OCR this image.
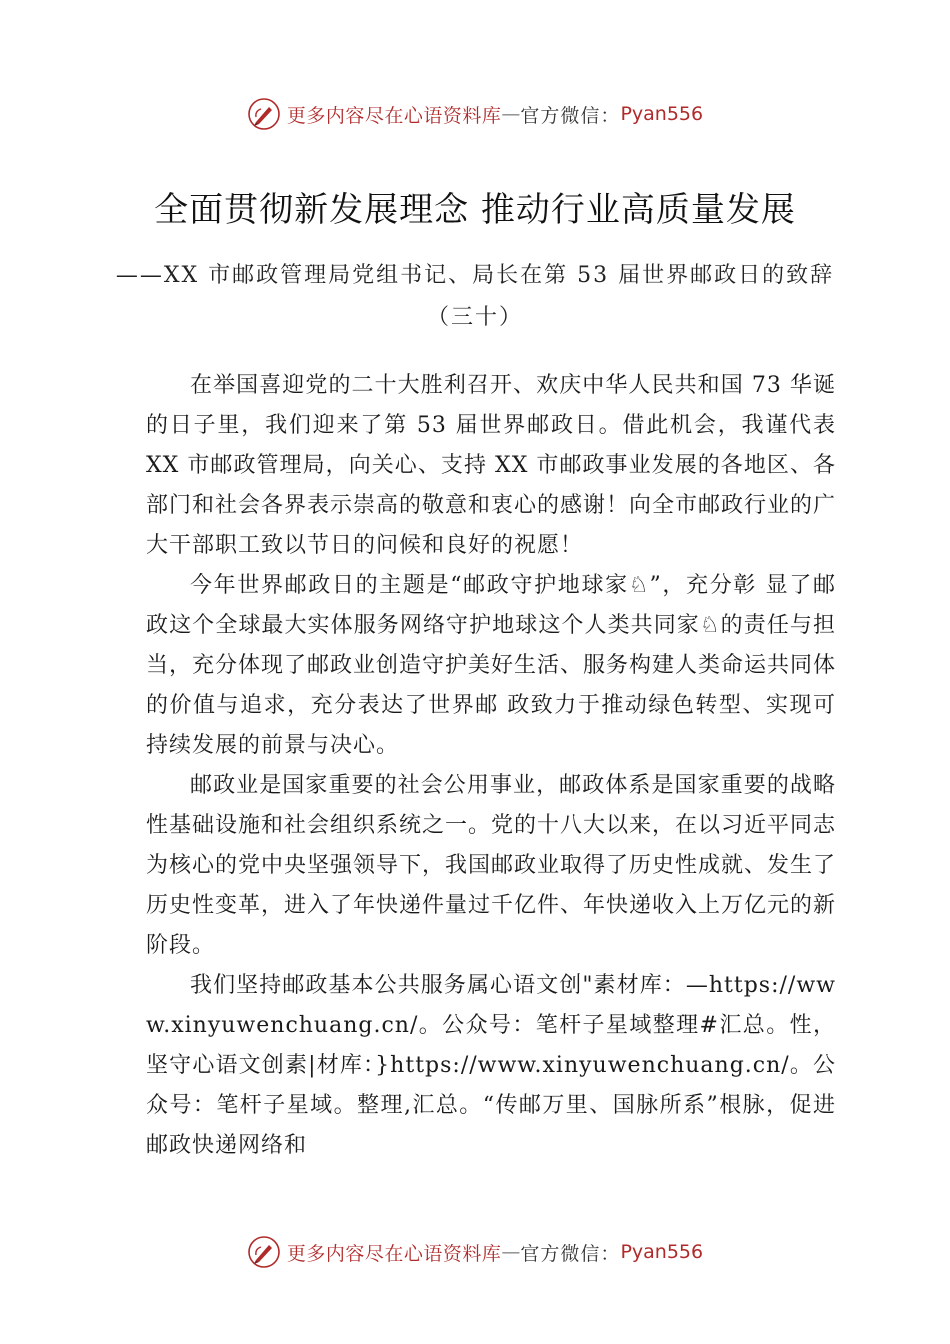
更多内容尽在心语资料库 — 官方微信： Pyan556
全面贯彻新发展理念 推动行业高质量发展
——XX 市邮政管理局党组书记、局长在第 53 届世界邮政日的致辞（三十）

在举国喜迎党的二十大胜利召开、欢庆中华人民共和国 73 华诞的日子里，我们迎来了第 53 届世界邮政日。借此机会，我谨代表 XX 市邮政管理局，向关心、支持 XX 市邮政事业发展的各地区、各部门和社会各界表示崇高的敬意和衷心的感谢！向全市邮政行业的广大干部职工致以节日的问候和良好的祝愿！

今年世界邮政日的主题是“邮政守护地球家♘”，充分彰 显了邮政这个全球最大实体服务网络守护地球这个人类共同家♘的责任与担当，充分体现了邮政业创造守护美好生活、服务构建人类命运共同体的价值与追求，充分表达了世界邮 政致力于推动绿色转型、实现可持续发展的前景与决心。

邮政业是国家重要的社会公用事业，邮政体系是国家重要的战略性基础设施和社会组织系统之一。党的十八大以来，在以习近平同志为核心的党中央坚强领导下，我国邮政业取得了历史性成就、发生了历史性变革，进入了年快递件量过千亿件、年快递收入上万亿元的新阶段。

我们坚持邮政基本公共服务属心语文创"素材库：—https://www.xinyuwenchuang.cn/。公众号：笔杆子星域整理#汇总。性，坚守心语文创素|材库：}https://www.xinyuwenchuang.cn/。公众号：笔杆子星域。整理,汇总。“传邮万里、国脉所系”根脉，促进邮政快递网络和

更多内容尽在心语资料库 — 官方微信： Pyan556
